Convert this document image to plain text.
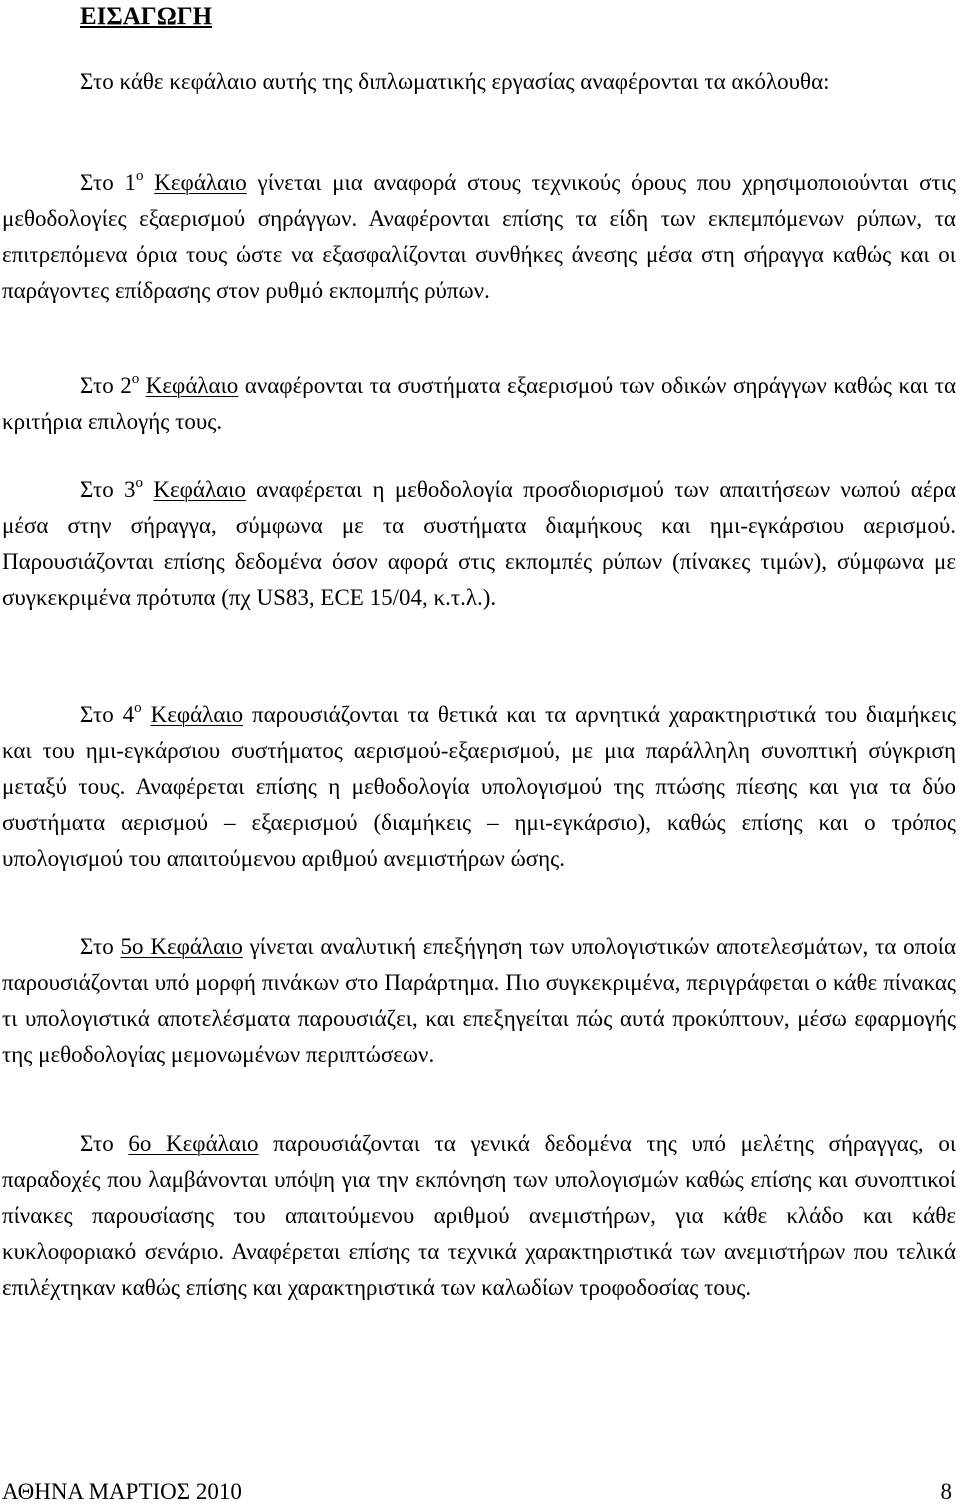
ΕΙΣΑΓΩΓΗ

Στο κάθε κεφάλαιο αυτής της διπλωματικής εργασίας αναφέρονται τα ακόλουθα:

Στο $1^o$ Κεφάλαιο γίνεται μια αναφορά στους τεχνικούς όρους που χρησιμοποιούνται στις μεθοδολογίες εξαερισμού σηράγγων. Αναφέρονται επίσης τα είδη των εκπεμπόμενων ρύπων, τα επιτρεπόμενα όρια τους ώστε να εξασφαλίζονται συνθήκες άνεσης μέσα στη σήραγγα καθώς και οι παράγοντες επίδρασης στον ρυθμό εκπομπής ρύπων.

Στο $2^o$ Κεφάλαιο αναφέρονται τα συστήματα εξαερισμού των οδικών σηράγγων καθώς και τα κριτήρια επιλογής τους.

Στο $3^o$ Κεφάλαιο αναφέρεται η μεθοδολογία προσδιορισμού των απαιτήσεων νωπού αέρα μέσα στην σήραγγα, σύμφωνα με τα συστήματα διαμήκους και ημι-εγκάρσιου αερισμού. Παρουσιάζονται επίσης δεδομένα όσον αφορά στις εκπομπές ρύπων (πίνακες τιμών), σύμφωνα με συγκεκριμένα πρότυπα (πχ US83, ECE 15/04, κ.τ.λ.).

Στο $4^o$ Κεφάλαιο παρουσιάζονται τα θετικά και τα αρνητικά χαρακτηριστικά του διαμήκεις και του ημι-εγκάρσιου συστήματος αερισμού-εξαερισμού, με μια παράλληλη συνοπτική σύγκριση μεταξύ τους. Αναφέρεται επίσης η μεθοδολογία υπολογισμού της πτώσης πίεσης και για τα δύο συστήματα αερισμού – εξαερισμού (διαμήκεις – ημι-εγκάρσιο), καθώς επίσης και ο τρόπος υπολογισμού του απαιτούμενου αριθμού ανεμιστήρων ώσης.

Στο 5ο Κεφάλαιο γίνεται αναλυτική επεξήγηση των υπολογιστικών αποτελεσμάτων, τα οποία παρουσιάζονται υπό μορφή πινάκων στο Παράρτημα. Πιο συγκεκριμένα, περιγράφεται ο κάθε πίνακας τι υπολογιστικά αποτελέσματα παρουσιάζει, και επεξηγείται πώς αυτά προκύπτουν, μέσω εφαρμογής της μεθοδολογίας μεμονωμένων περιπτώσεων.

Στο 6ο Κεφάλαιο παρουσιάζονται τα γενικά δεδομένα της υπό μελέτης σήραγγας, οι παραδοχές που λαμβάνονται υπόψη για την εκπόνηση των υπολογισμών καθώς επίσης και συνοπτικοί πίνακες παρουσίασης του απαιτούμενου αριθμού ανεμιστήρων, για κάθε κλάδο και κάθε κυκλοφοριακό σενάριο. Αναφέρεται επίσης τα τεχνικά χαρακτηριστικά των ανεμιστήρων που τελικά επιλέχτηκαν καθώς επίσης και χαρακτηριστικά των καλωδίων τροφοδοσίας τους.

ΑΘΗΝΑ ΜΑΡΤΙΟΣ 2010	8
